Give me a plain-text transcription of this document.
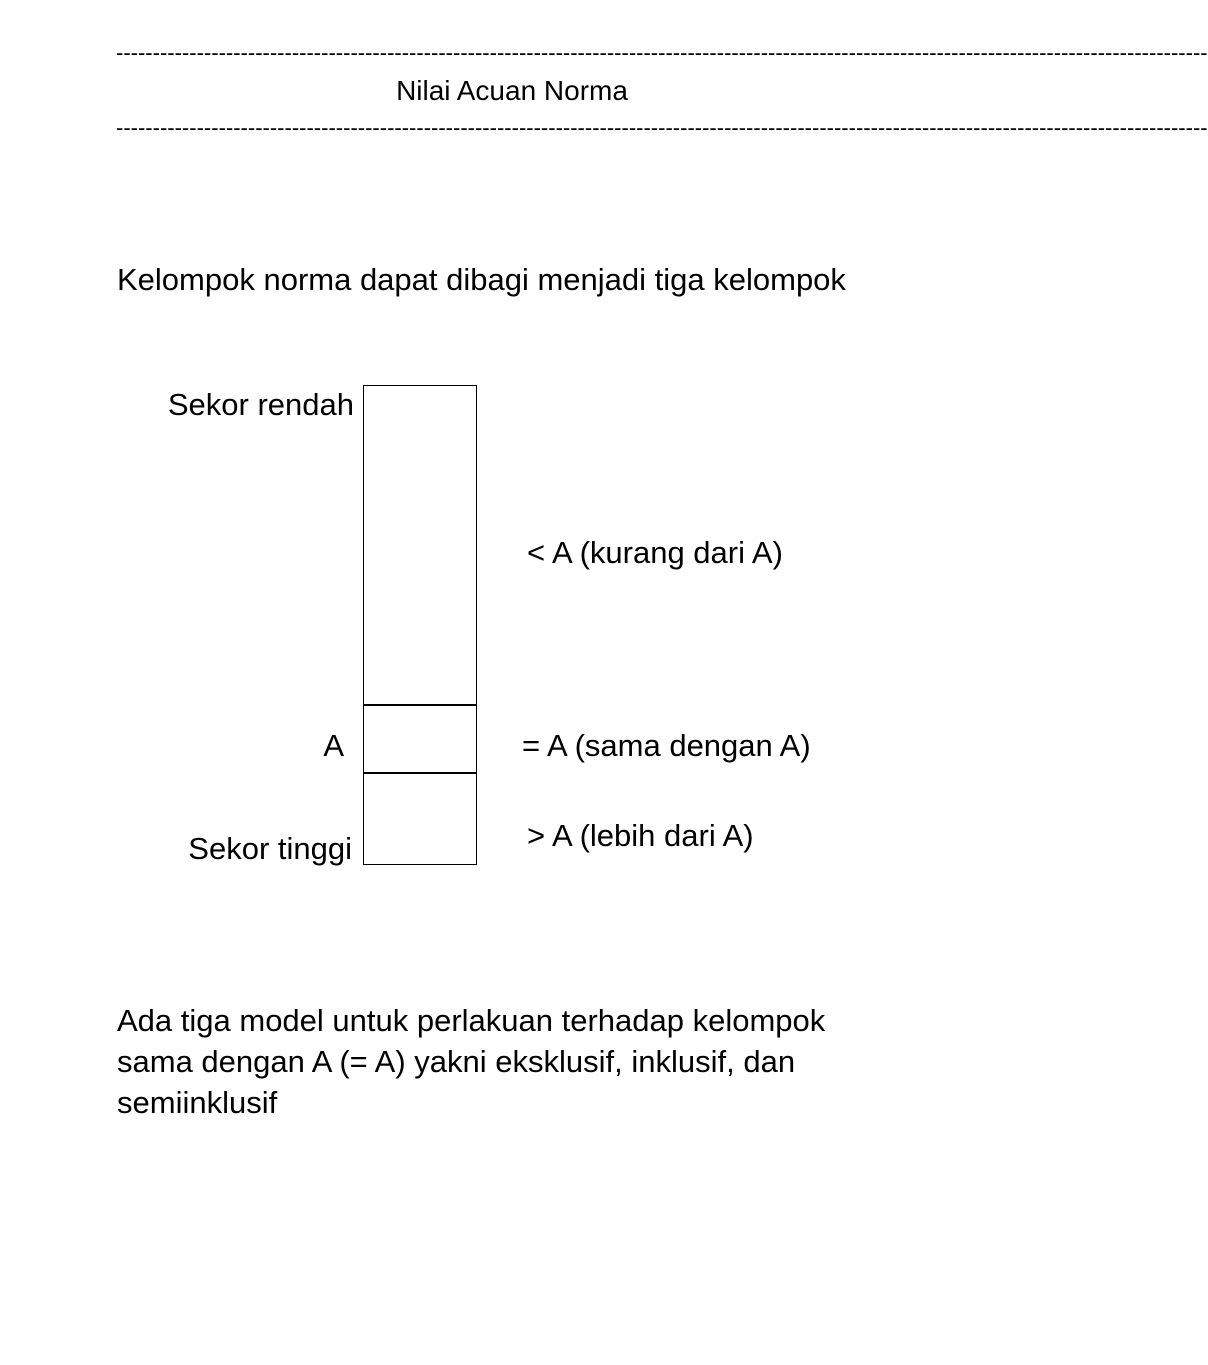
-----------------------------------------------------------------------------------------------------------------------------------------------------
Nilai Acuan Norma
-----------------------------------------------------------------------------------------------------------------------------------------------------
Kelompok norma dapat dibagi menjadi tiga kelompok
Sekor rendah
A
Sekor tinggi
< A (kurang dari A)
= A (sama dengan A)
> A (lebih dari A)
Ada tiga model untuk perlakuan terhadap kelompok
sama dengan A (= A) yakni eksklusif, inklusif, dan
semiinklusif
